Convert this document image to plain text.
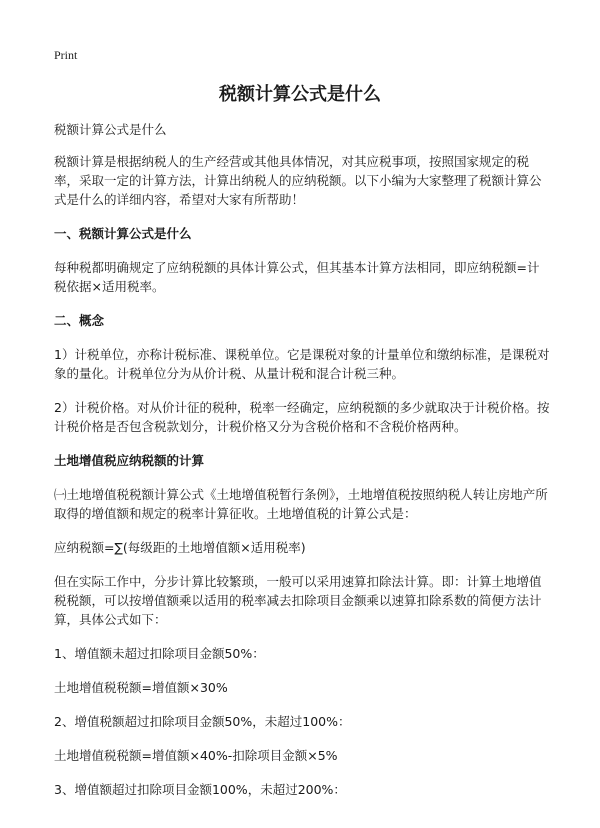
Print
税额计算公式是什么

税额计算公式是什么

税额计算是根据纳税人的生产经营或其他具体情况，对其应税事项，按照国家规定的税率，采取一定的计算方法，计算出纳税人的应纳税额。以下小编为大家整理了税额计算公式是什么的详细内容，希望对大家有所帮助！

一、税额计算公式是什么

每种税都明确规定了应纳税额的具体计算公式，但其基本计算方法相同，即应纳税额=计税依据×适用税率。

二、概念

1）计税单位，亦称计税标准、课税单位。它是课税对象的计量单位和缴纳标准，是课税对象的量化。计税单位分为从价计税、从量计税和混合计税三种。

2）计税价格。对从价计征的税种，税率一经确定，应纳税额的多少就取决于计税价格。按计税价格是否包含税款划分，计税价格又分为含税价格和不含税价格两种。

土地增值税应纳税额的计算

㈠土地增值税税额计算公式《土地增值税暂行条例》，土地增值税按照纳税人转让房地产所取得的增值额和规定的税率计算征收。土地增值税的计算公式是：

应纳税额=∑(每级距的土地增值额×适用税率)

但在实际工作中，分步计算比较繁琐，一般可以采用速算扣除法计算。即：计算土地增值税税额，可以按增值额乘以适用的税率减去扣除项目金额乘以速算扣除系数的简便方法计算，具体公式如下：

1、增值额未超过扣除项目金额50%：

土地增值税税额=增值额×30%

2、增值税额超过扣除项目金额50%，未超过100%：

土地增值税税额=增值额×40%-扣除项目金额×5%

3、增值额超过扣除项目金额100%，未超过200%：
